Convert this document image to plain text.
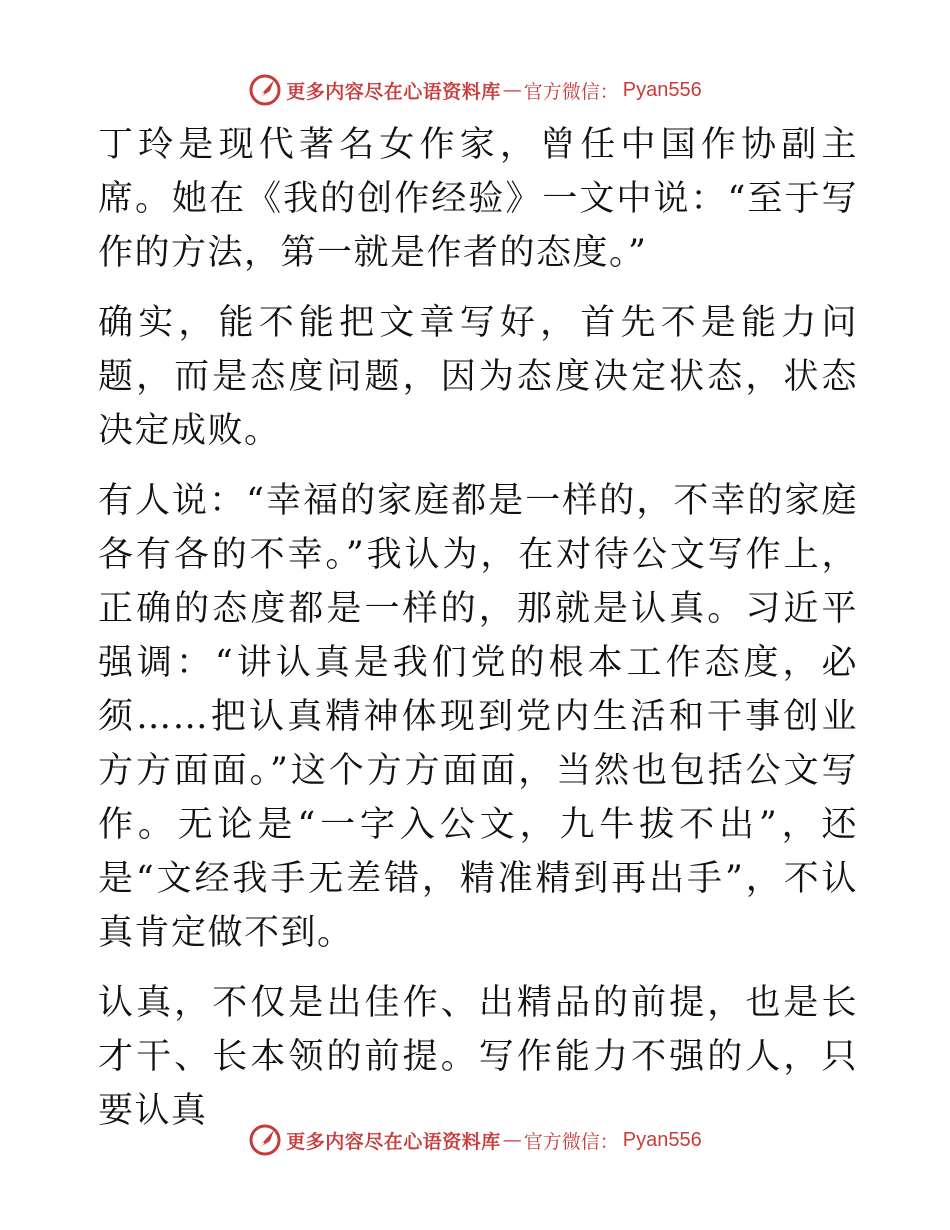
更多内容尽在心语资料库 — 官方微信： Pyan556

丁玲是现代著名女作家，曾任中国作协副主席。她在《我的创作经验》一文中说：“至于写作的方法，第一就是作者的态度。”

确实，能不能把文章写好，首先不是能力问题，而是态度问题，因为态度决定状态，状态决定成败。

有人说：“幸福的家庭都是一样的，不幸的家庭各有各的不幸。”我认为，在对待公文写作上，正确的态度都是一样的，那就是认真。习近平强调：“讲认真是我们党的根本工作态度，必须……把认真精神体现到党内生活和干事创业方方面面。”这个方方面面，当然也包括公文写作。无论是“一字入公文，九牛拔不出”，还是“文经我手无差错，精准精到再出手”，不认真肯定做不到。

认真，不仅是出佳作、出精品的前提，也是长才干、长本领的前提。写作能力不强的人，只要认真

更多内容尽在心语资料库 — 官方微信： Pyan556
